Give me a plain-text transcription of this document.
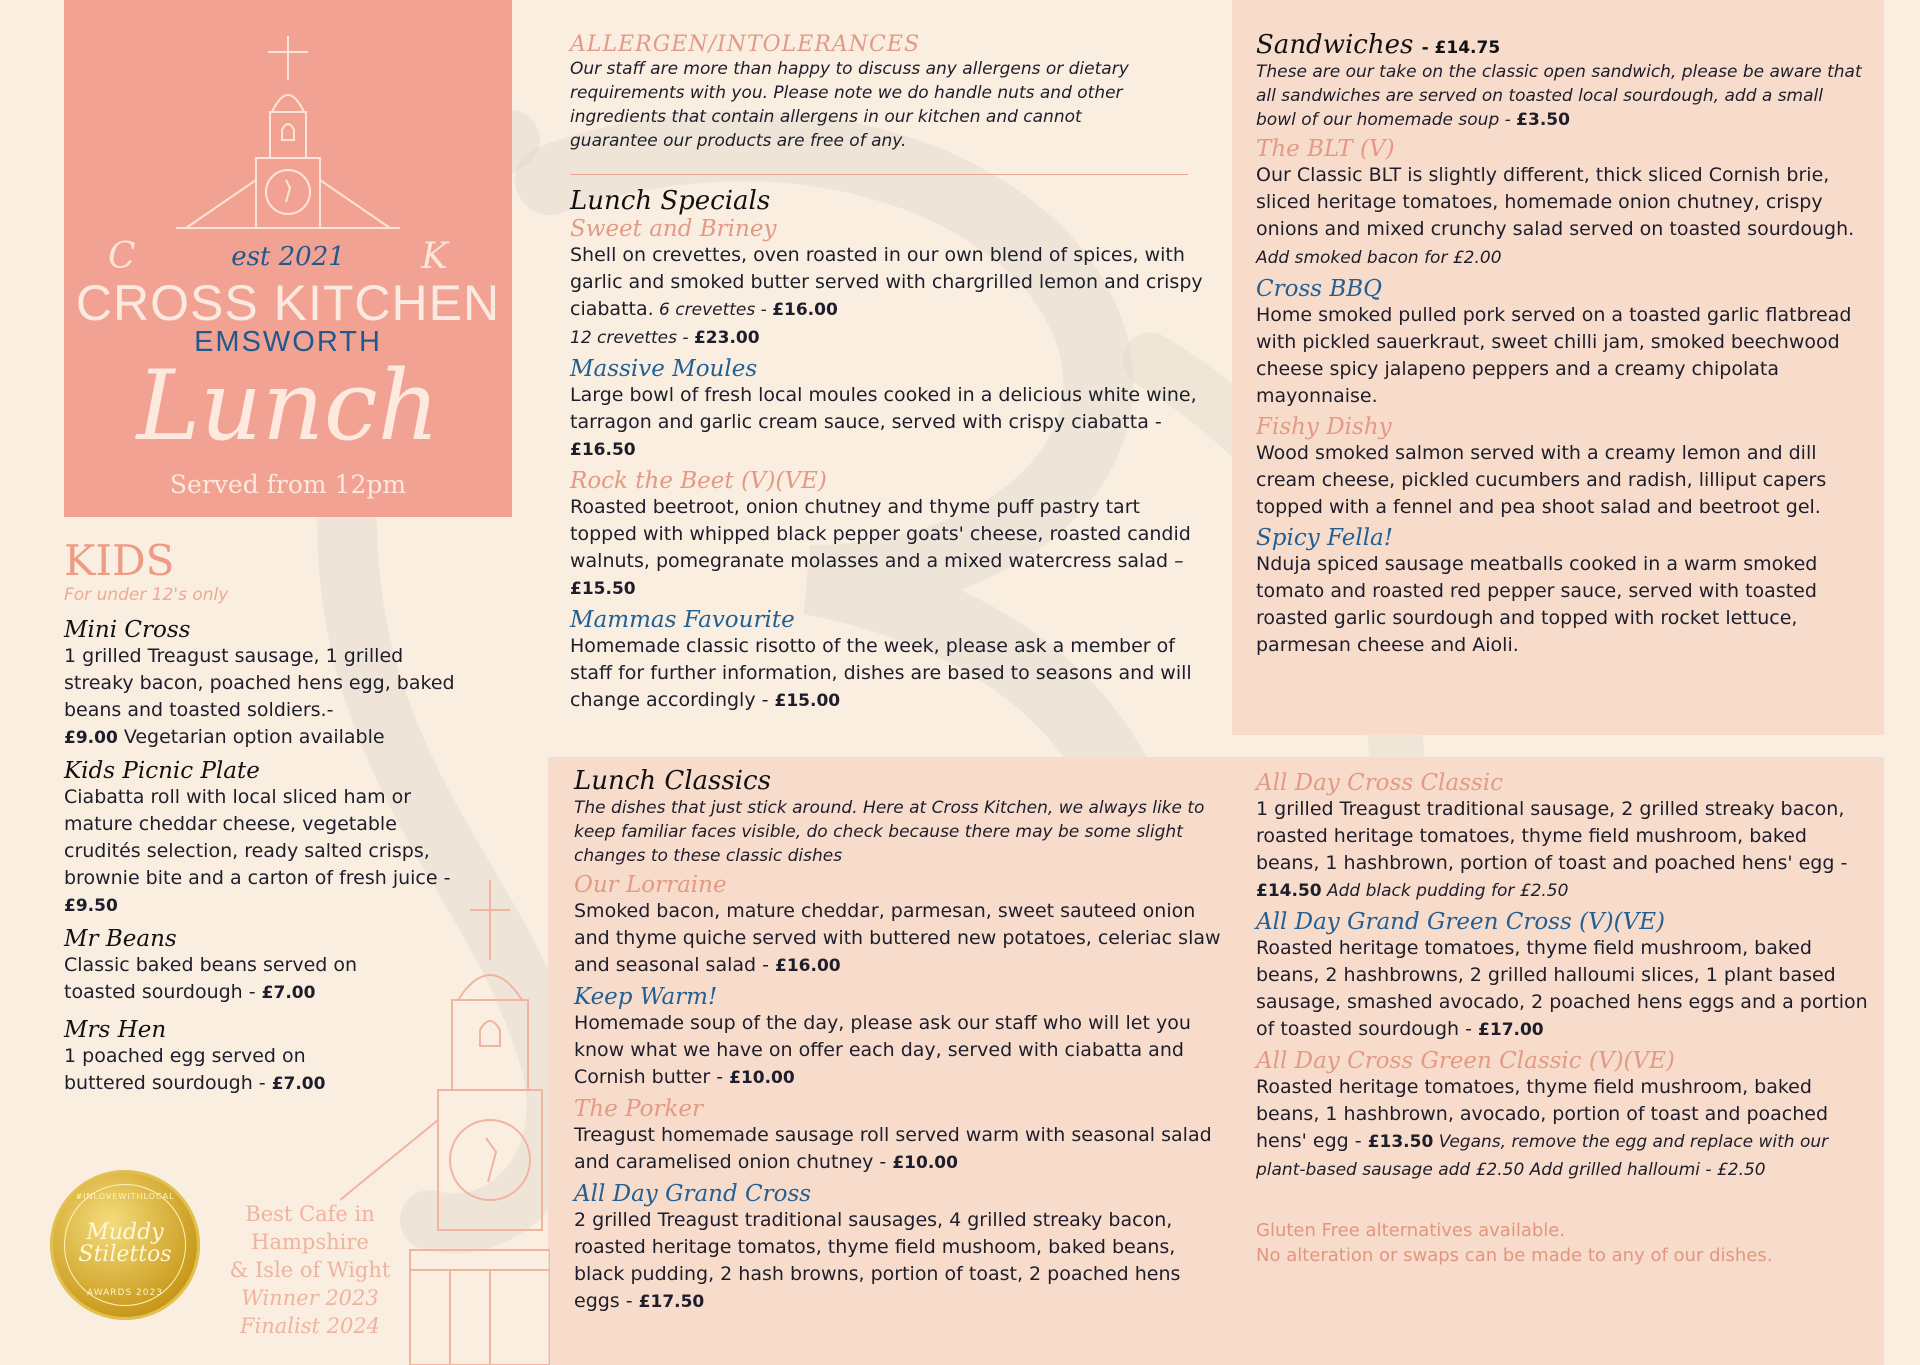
C	K
est 2021
CROSS KITCHEN
EMSWORTH
Lunch
Served from 12pm
KIDS
For under 12's only
Mini Cross
1 grilled Treagust sausage, 1 grilled streaky bacon, poached hens egg, baked beans and toasted soldiers.-
£9.00 Vegetarian option available
Kids Picnic Plate
Ciabatta roll with local sliced ham or mature cheddar cheese, vegetable crudités selection, ready salted crisps, brownie bite and a carton of fresh juice - £9.50
Mr Beans
Classic baked beans served on toasted sourdough - £7.00
Mrs Hen
1 poached egg served on buttered sourdough - £7.00
#INLOVEWITHLOCAL
Muddy
Stilettos
AWARDS 2023
Best Cafe in
Hampshire
& Isle of Wight
Winner 2023
Finalist 2024
ALLERGEN/INTOLERANCES
Our staff are more than happy to discuss any allergens or dietary requirements with you. Please note we do handle nuts and other ingredients that contain allergens in our kitchen and cannot guarantee our products are free of any.
Lunch Specials
Sweet and Briney
Shell on crevettes, oven roasted in our own blend of spices, with garlic and smoked butter served with chargrilled lemon and crispy ciabatta. 6 crevettes - £16.00
12 crevettes - £23.00
Massive Moules
Large bowl of fresh local moules cooked in a delicious white wine, tarragon and garlic cream sauce, served with crispy ciabatta - £16.50
Rock the Beet (V)(VE)
Roasted beetroot, onion chutney and thyme puff pastry tart topped with whipped black pepper goats' cheese, roasted candid walnuts, pomegranate molasses and a mixed watercress salad – £15.50
Mammas Favourite
Homemade classic risotto of the week, please ask a member of staff for further information, dishes are based to seasons and will change accordingly - £15.00
Sandwiches - £14.75
These are our take on the classic open sandwich, please be aware that all sandwiches are served on toasted local sourdough, add a small bowl of our homemade soup - £3.50
The BLT (V)
Our Classic BLT is slightly different, thick sliced Cornish brie, sliced heritage tomatoes, homemade onion chutney, crispy onions and mixed crunchy salad served on toasted sourdough. Add smoked bacon for £2.00
Cross BBQ
Home smoked pulled pork served on a toasted garlic flatbread with pickled sauerkraut, sweet chilli jam, smoked beechwood cheese spicy jalapeno peppers and a creamy chipolata mayonnaise.
Fishy Dishy
Wood smoked salmon served with a creamy lemon and dill cream cheese, pickled cucumbers and radish, lilliput capers topped with a fennel and pea shoot salad and beetroot gel.
Spicy Fella!
Nduja spiced sausage meatballs cooked in a warm smoked tomato and roasted red pepper sauce, served with toasted roasted garlic sourdough and topped with rocket lettuce, parmesan cheese and Aioli.
Lunch Classics
The dishes that just stick around. Here at Cross Kitchen, we always like to keep familiar faces visible, do check because there may be some slight changes to these classic dishes
Our Lorraine
Smoked bacon, mature cheddar, parmesan, sweet sauteed onion and thyme quiche served with buttered new potatoes, celeriac slaw and seasonal salad - £16.00
Keep Warm!
Homemade soup of the day, please ask our staff who will let you know what we have on offer each day, served with ciabatta and Cornish butter - £10.00
The Porker
Treagust homemade sausage roll served warm with seasonal salad and caramelised onion chutney - £10.00
All Day Grand Cross
2 grilled Treagust traditional sausages, 4 grilled streaky bacon, roasted heritage tomatos, thyme field mushoom, baked beans, black pudding, 2 hash browns, portion of toast, 2 poached hens eggs - £17.50
All Day Cross Classic
1 grilled Treagust traditional sausage, 2 grilled streaky bacon, roasted heritage tomatoes, thyme field mushroom, baked beans, 1 hashbrown, portion of toast and poached hens' egg - £14.50 Add black pudding for £2.50
All Day Grand Green Cross (V)(VE)
Roasted heritage tomatoes, thyme field mushroom, baked beans, 2 hashbrowns, 2 grilled halloumi slices, 1 plant based sausage, smashed avocado, 2 poached hens eggs and a portion of toasted sourdough - £17.00
All Day Cross Green Classic (V)(VE)
Roasted heritage tomatoes, thyme field mushroom, baked beans, 1 hashbrown, avocado, portion of toast and poached hens' egg - £13.50 Vegans, remove the egg and replace with our plant-based sausage add £2.50 Add grilled halloumi - £2.50
Gluten Free alternatives available.
No alteration or swaps can be made to any of our dishes.
